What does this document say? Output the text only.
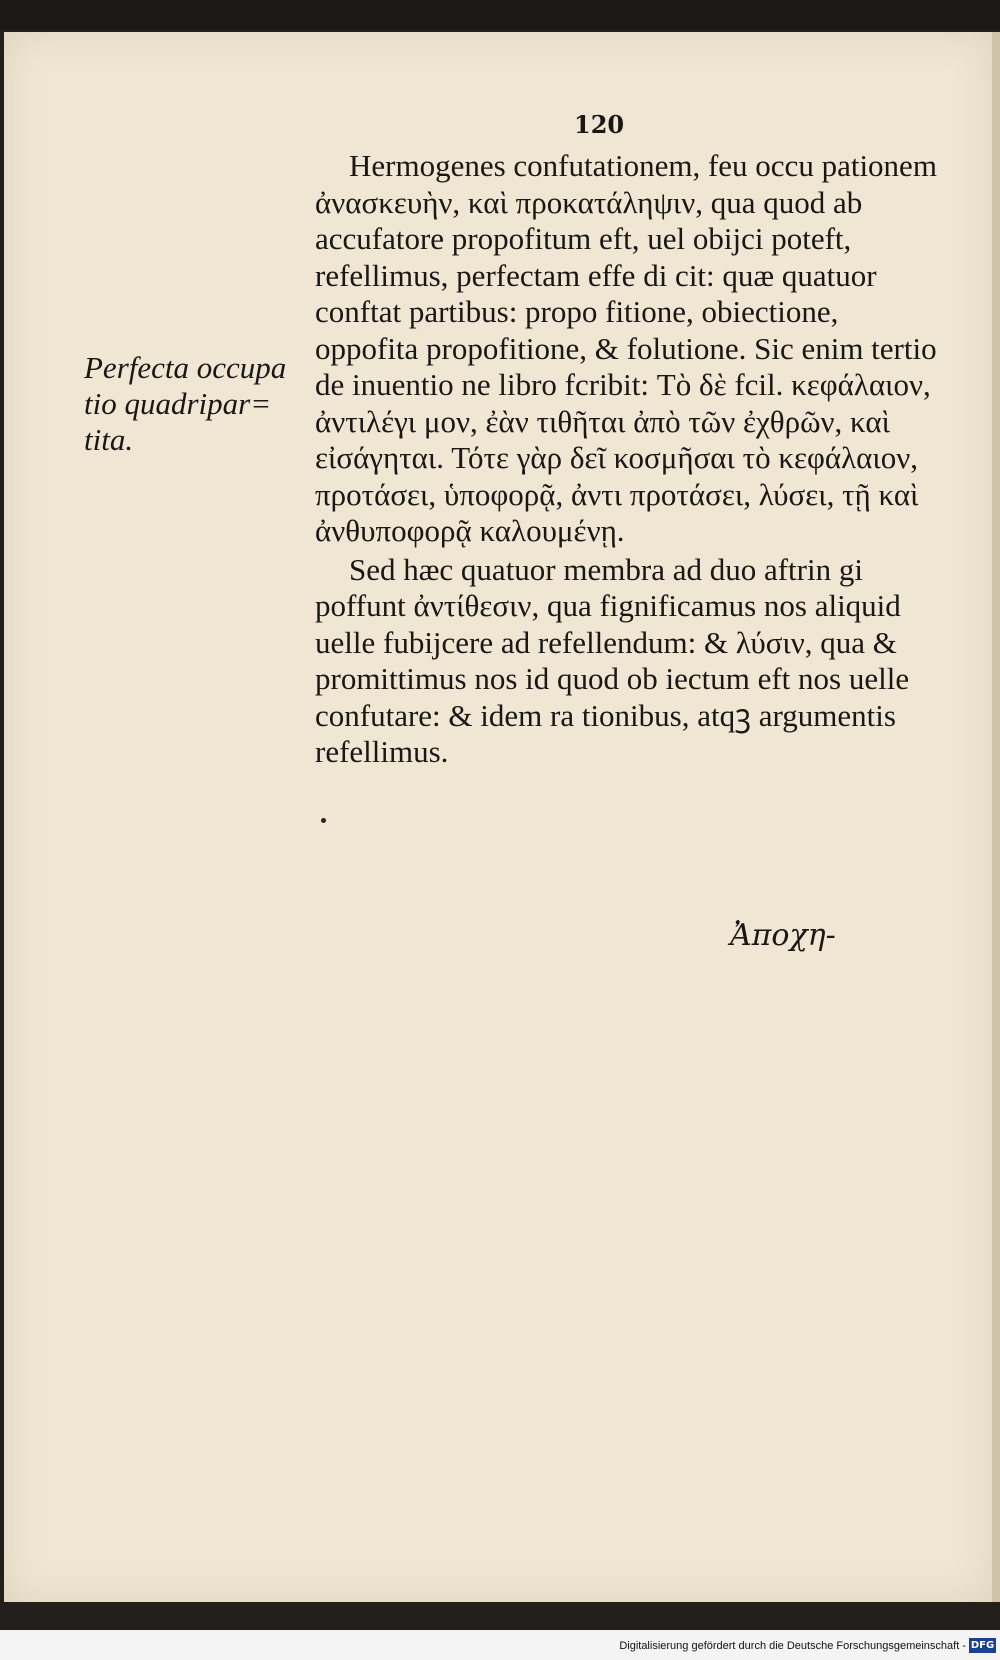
120
Perfecta occupa tio quadripar= tita.

Hermogenes confutationem, feu occu pationem ἀνασκευὴν, καὶ προκατάληψιν, qua quod ab accufatore propofitum eft, uel obijci poteft, refellimus, perfectam effe di cit: quæ quatuor conftat partibus: propo fitione, obiectione, oppofita propofitione, & folutione. Sic enim tertio de inuentio ne libro fcribit: Τὸ δὲ fcil. κεφάλαιον, ἀντιλέγι μον, ἐὰν τιθῆται ἀπὸ τῶν ἐχθρῶν, καὶ εἰσάγηται. Τότε γὰρ δεῖ κοσμῆσαι τὸ κεφάλαιον, προτάσει, ὑποφορᾷ, ἀντι προτάσει, λύσει, τῇ καὶ ἀνθυποφορᾷ καλουμένῃ.

Sed hæc quatuor membra ad duo aftrin gi poffunt ἀντίθεσιν, qua fignificamus nos aliquid uelle fubijcere ad refellendum: & λύσιν, qua & promittimus nos id quod ob iectum eft nos uelle confutare: & idem ra tionibus, atqꝫ argumentis refellimus.

Ἀποχη-
Digitalisierung gefördert durch die Deutsche Forschungsgemeinschaft - DFG
